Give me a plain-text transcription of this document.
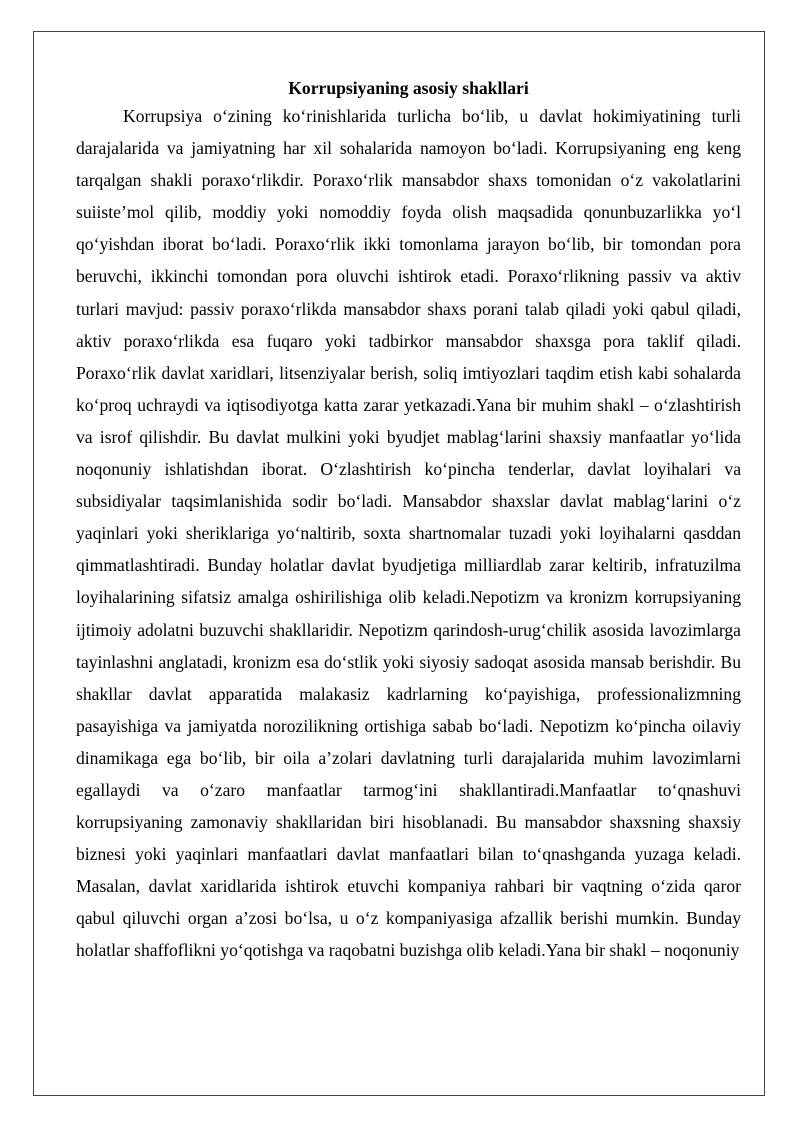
Korrupsiyaning asosiy shakllari

Korrupsiya o‘zining ko‘rinishlarida turlicha bo‘lib, u davlat hokimiyatining turli darajalarida va jamiyatning har xil sohalarida namoyon bo‘ladi. Korrupsiyaning eng keng tarqalgan shakli poraxo‘rlikdir. Poraxo‘rlik mansabdor shaxs tomonidan o‘z vakolatlarini suiiste’mol qilib, moddiy yoki nomoddiy foyda olish maqsadida qonunbuzarlikka yo‘l qo‘yishdan iborat bo‘ladi. Poraxo‘rlik ikki tomonlama jarayon bo‘lib, bir tomondan pora beruvchi, ikkinchi tomondan pora oluvchi ishtirok etadi. Poraxo‘rlikning passiv va aktiv turlari mavjud: passiv poraxo‘rlikda mansabdor shaxs porani talab qiladi yoki qabul qiladi, aktiv poraxo‘rlikda esa fuqaro yoki tadbirkor mansabdor shaxsga pora taklif qiladi. Poraxo‘rlik davlat xaridlari, litsenziyalar berish, soliq imtiyozlari taqdim etish kabi sohalarda ko‘proq uchraydi va iqtisodiyotga katta zarar yetkazadi.Yana bir muhim shakl – o‘zlashtirish va isrof qilishdir. Bu davlat mulkini yoki byudjet mablag‘larini shaxsiy manfaatlar yo‘lida noqonuniy ishlatishdan iborat. O‘zlashtirish ko‘pincha tenderlar, davlat loyihalari va subsidiyalar taqsimlanishida sodir bo‘ladi. Mansabdor shaxslar davlat mablag‘larini o‘z yaqinlari yoki sheriklariga yo‘naltirib, soxta shartnomalar tuzadi yoki loyihalarni qasddan qimmatlashtiradi. Bunday holatlar davlat byudjetiga milliardlab zarar keltirib, infratuzilma loyihalarining sifatsiz amalga oshirilishiga olib keladi.Nepotizm va kronizm korrupsiyaning ijtimoiy adolatni buzuvchi shakllaridir. Nepotizm qarindosh-urug‘chilik asosida lavozimlarga tayinlashni anglatadi, kronizm esa do‘stlik yoki siyosiy sadoqat asosida mansab berishdir. Bu shakllar davlat apparatida malakasiz kadrlarning ko‘payishiga, professionalizmning pasayishiga va jamiyatda norozilikning ortishiga sabab bo‘ladi. Nepotizm ko‘pincha oilaviy dinamikaga ega bo‘lib, bir oila a’zolari davlatning turli darajalarida muhim lavozimlarni egallaydi va o‘zaro manfaatlar tarmog‘ini shakllantiradi.Manfaatlar to‘qnashuvi korrupsiyaning zamonaviy shakllaridan biri hisoblanadi. Bu mansabdor shaxsning shaxsiy biznesi yoki yaqinlari manfaatlari davlat manfaatlari bilan to‘qnashganda yuzaga keladi. Masalan, davlat xaridlarida ishtirok etuvchi kompaniya rahbari bir vaqtning o‘zida qaror qabul qiluvchi organ a’zosi bo‘lsa, u o‘z kompaniyasiga afzallik berishi mumkin. Bunday holatlar shaffoflikni yo‘qotishga va raqobatni buzishga olib keladi.Yana bir shakl – noqonuniy
